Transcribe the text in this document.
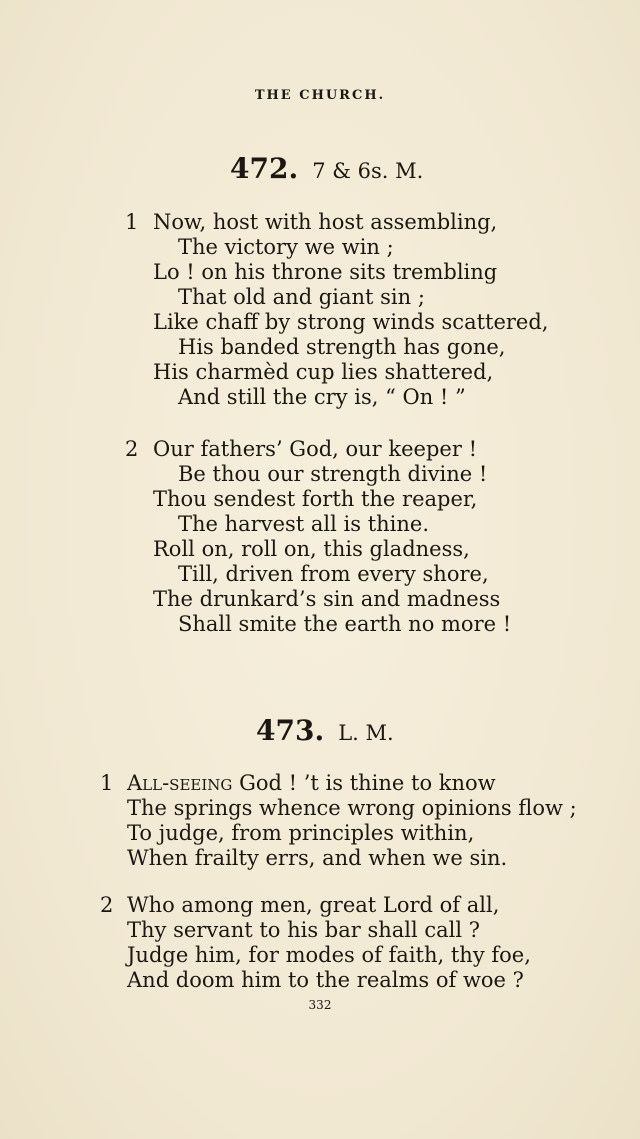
THE CHURCH.
472. 7 & 6s. M.
1 Now, host with host assembling,
The victory we win ;
Lo ! on his throne sits trembling
That old and giant sin ;
Like chaff by strong winds scattered,
His banded strength has gone,
His charmèd cup lies shattered,
And still the cry is, “ On ! ”
2 Our fathers’ God, our keeper !
Be thou our strength divine !
Thou sendest forth the reaper,
The harvest all is thine.
Roll on, roll on, this gladness,
Till, driven from every shore,
The drunkard’s sin and madness
Shall smite the earth no more !
473. L. M.
1 All-seeing God ! ’t is thine to know
The springs whence wrong opinions flow ;
To judge, from principles within,
When frailty errs, and when we sin.
2 Who among men, great Lord of all,
Thy servant to his bar shall call ?
Judge him, for modes of faith, thy foe,
And doom him to the realms of woe ?
332
